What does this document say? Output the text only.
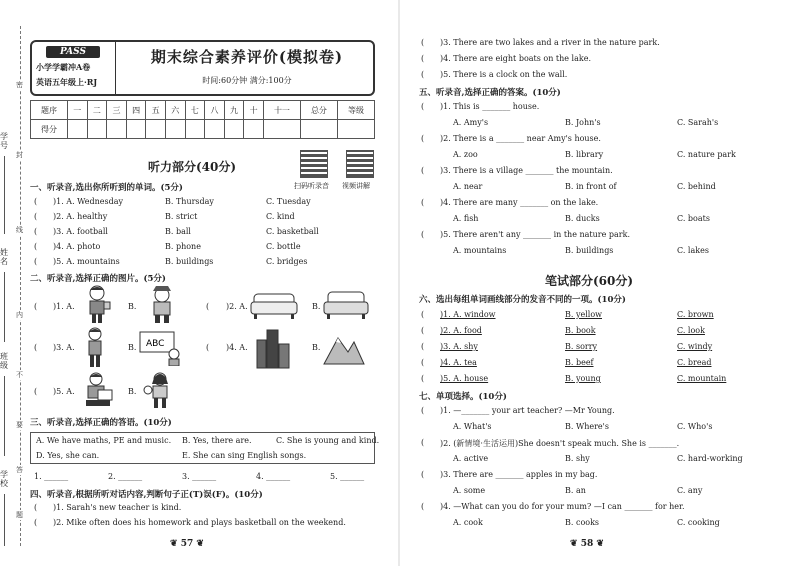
学号
姓名
班级
学校
密
封
线
内
不
要
答
题
PASS
小学学霸冲A卷
英语五年级上·RJ
期末综合素养评价(模拟卷)
时间:60分钟 满分:100分
题序	一	二	三	四	五	六	七	八	九	十	十一	总分	等级
得分													
听力部分(40分)
扫码听录音 视频讲解
一、听录音,选出你所听到的单词。(5分)
( )1. A. Wednesday	B. Thursday	C. Tuesday
( )2. A. healthy	B. strict	C. kind
( )3. A. football	B. ball	C. basketball
( )4. A. photo	B. phone	C. bottle
( )5. A. mountains	B. buildings	C. bridges
二、听录音,选择正确的图片。(5分)
( )1. A.	B.	( )2. A.	B.
( )3. A.	B. ABC	( )4. A.	B.
( )5. A.	B.
三、听录音,选择正确的答语。(10分)
A. We have maths, PE and music. B. Yes, there are.	C. She is young and kind.
D. Yes, she can.	E. She can sing English songs.
1. ______	2. ______	3. ______	4. ______	5. ______
四、听录音,根据所听对话内容,判断句子正(T)误(F)。(10分)
( )1. Sarah's new teacher is kind.
( )2. Mike often does his homework and plays basketball on the weekend.
❦ 57 ❦
( )3. There are two lakes and a river in the nature park.
( )4. There are eight boats on the lake.
( )5. There is a clock on the wall.
五、听录音,选择正确的答案。(10分)
( )1. This is _______ house.
A. Amy's	B. John's	C. Sarah's
( )2. There is a _______ near Amy's house.
A. zoo	B. library	C. nature park
( )3. There is a village _______ the mountain.
A. near	B. in front of	C. behind
( )4. There are many _______ on the lake.
A. fish	B. ducks	C. boats
( )5. There aren't any _______ in the nature park.
A. mountains	B. buildings	C. lakes
笔试部分(60分)
六、选出每组单词画线部分的发音不同的一项。(10分)
( )1. A. window	B. yellow	C. brown
( )2. A. food	B. book	C. look
( )3. A. shy	B. sorry	C. windy
( )4. A. tea	B. beef	C. bread
( )5. A. house	B. young	C. mountain
七、单项选择。(10分)
( )1. —_______ your art teacher? —Mr Young.
A. What's	B. Where's	C. Who's
( )2. (新情境·生活运用)She doesn't speak much. She is _______.
A. active	B. shy	C. hard-working
( )3. There are _______ apples in my bag.
A. some	B. an	C. any
( )4. —What can you do for your mum? —I can _______ for her.
A. cook	B. cooks	C. cooking
❦ 58 ❦
